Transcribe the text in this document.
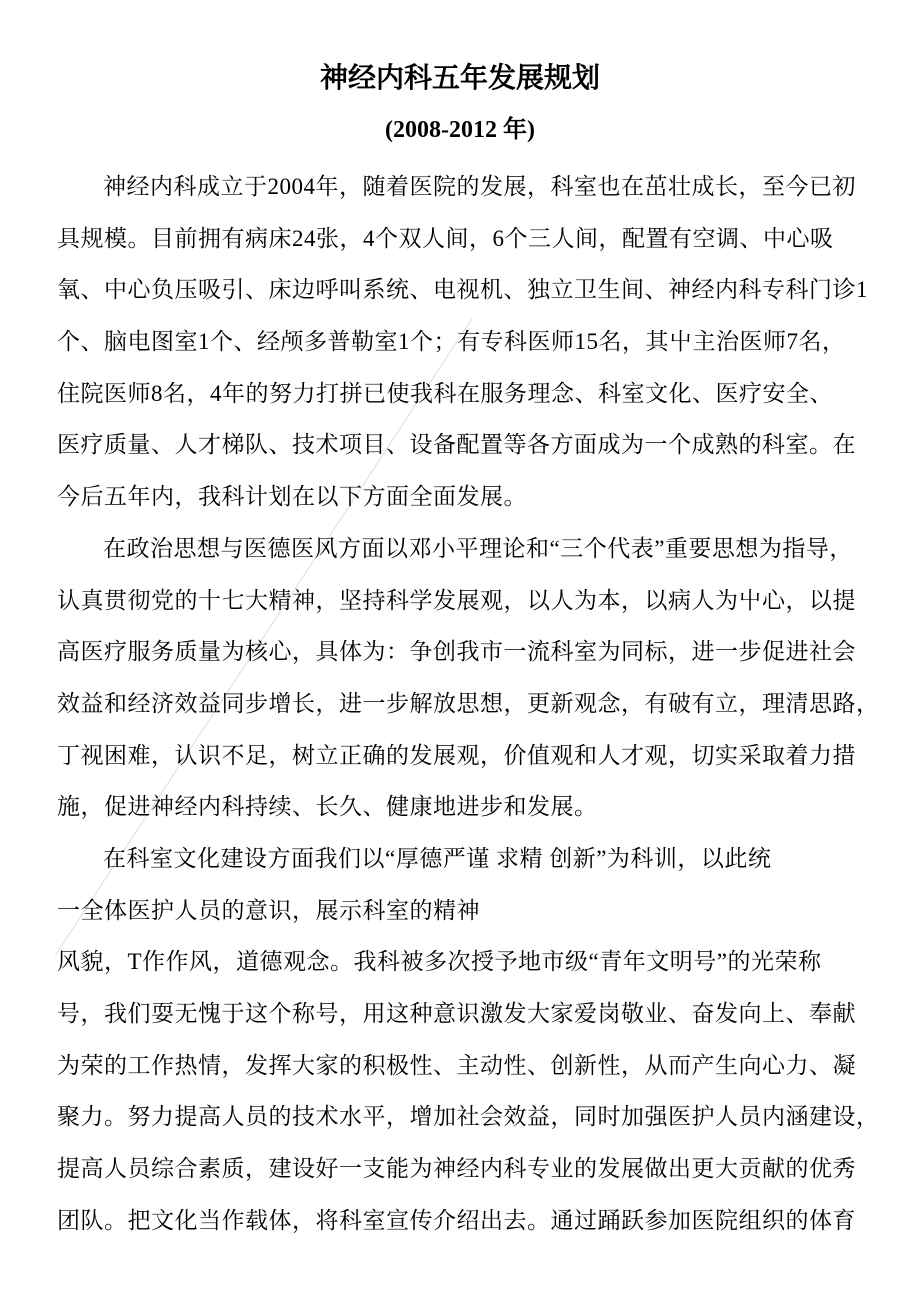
神经内科五年发展规划
(2008-2012 年)
神经内科成立于2004年，随着医院的发展，科室也在茁壮成长，至今已初
具规模。目前拥有病床24张，4个双人间，6个三人间，配置有空调、中心吸
氧、中心负压吸引、床边呼叫系统、电视机、独立卫生间、神经内科专科门诊1
个、脑电图室1个、经颅多普勒室1个；有专科医师15名，其屮主治医师7名，
住院医师8名，4年的努力打拼已使我科在服务理念、科室文化、医疗安全、
医疗质量、人才梯队、技术项目、设备配置等各方面成为一个成熟的科室。在
今后五年内，我科计划在以下方面全面发展。
在政治思想与医德医风方面以邓小平理论和“三个代表”重要思想为指导，
认真贯彻党的十七大精神，坚持科学发展观，以人为本，以病人为屮心，以提
高医疗服务质量为核心，具体为：争创我市一流科室为同标，进一步促进社会
效益和经济效益同步增长，进一步解放思想，更新观念，有破有立，理清思路，
丁视困难，认识不足，树立正确的发展观，价值观和人才观，切实采取着力措
施，促进神经内科持续、长久、健康地进步和发展。
在科室文化建设方面我们以“厚德严谨 求精 创新”为科训，以此统
一全体医护人员的意识，展示科室的精神
风貌，T作作风，道德观念。我科被多次授予地市级“青年文明号”的光荣称
号，我们耍无愧于这个称号，用这种意识激发大家爱岗敬业、奋发向上、奉献
为荣的工作热情，发挥大家的积极性、主动性、创新性，从而产生向心力、凝
聚力。努力提高人员的技术水平，增加社会效益，同时加强医护人员内涵建设，
提高人员综合素质，建设好一支能为神经内科专业的发展做出更大贡献的优秀
团队。把文化当作载体，将科室宣传介绍出去。通过踊跃参加医院组织的体育
